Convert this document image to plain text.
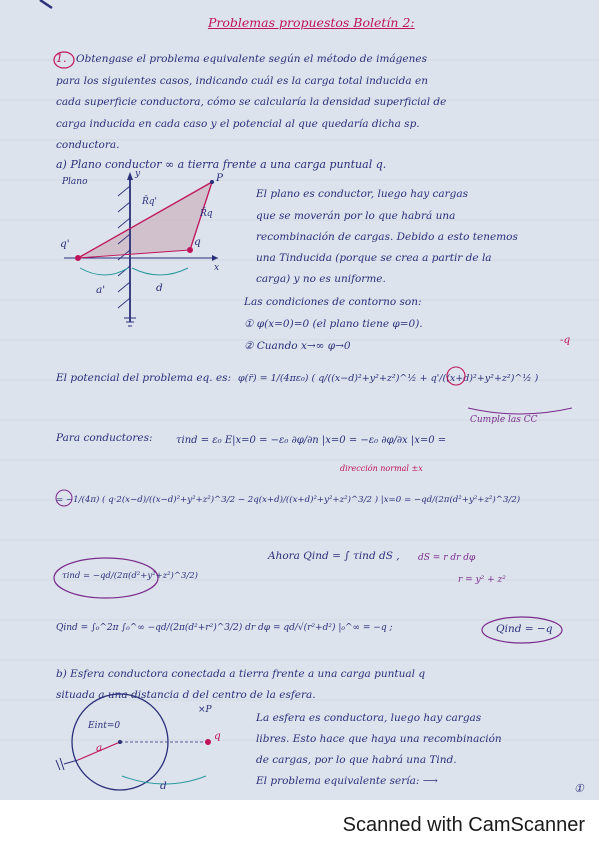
Problemas propuestos Boletín 2:
1. Obtengase el problema equivalente según el método de imágenes
para los siguientes casos, indicando cuál es la carga total inducida en
cada superficie conductora, cómo se calcularía la densidad superficial de
carga inducida en cada caso y el potencial al que quedaría dicha sp.
conductora.
a) Plano conductor ∞ a tierra frente a una carga puntual q.
Plano
y	P
R̄q'
R̄q
q
q'
x
a'	d
El plano es conductor, luego hay cargas
que se moverán por lo que habrá una
recombinación de cargas. Debido a esto tenemos
una Tinducida (porque se crea a partir de la
carga) y no es uniforme.
Las condiciones de contorno son:
① φ(x=0)=0 (el plano tiene φ=0).
② Cuando x→∞ φ→0	-q
El potencial del problema eq. es: φ(r̄) = 1/(4πε₀) ( q/((x−d)²+y²+z²)^½ + q'/((x+d)²+y²+z²)^½ )
Cumple las CC
Para conductores: τind = ε₀ E|x=0 = −ε₀ ∂φ/∂n |x=0 = −ε₀ ∂φ/∂x |x=0 =
dirección normal ±x
= −1/(4π) ( q·2(x−d)/((x−d)²+y²+z²)^3/2 − 2q(x+d)/((x+d)²+y²+z²)^3/2 ) |x=0 = −qd/(2π(d²+y²+z²)^3/2)
τind = −qd/(2π(d²+y²+z²)^3/2)
Ahora Qind = ∫ τind dS , dS = r dr dφ
r = y² + z²
Qind = ∫₀^2π ∫₀^∞ −qd/(2π(d²+r²)^3/2) dr dφ = qd/√(r²+d²) |₀^∞ = −q ;	Qind = −q
b) Esfera conductora conectada a tierra frente a una carga puntual q
situada a una distancia d del centro de la esfera.
Eint=0
a
q
d
×P
La esfera es conductora, luego hay cargas
libres. Esto hace que haya una recombinación
de cargas, por lo que habrá una Tind.
El problema equivalente sería: ⟶
①
Scanned with CamScanner
